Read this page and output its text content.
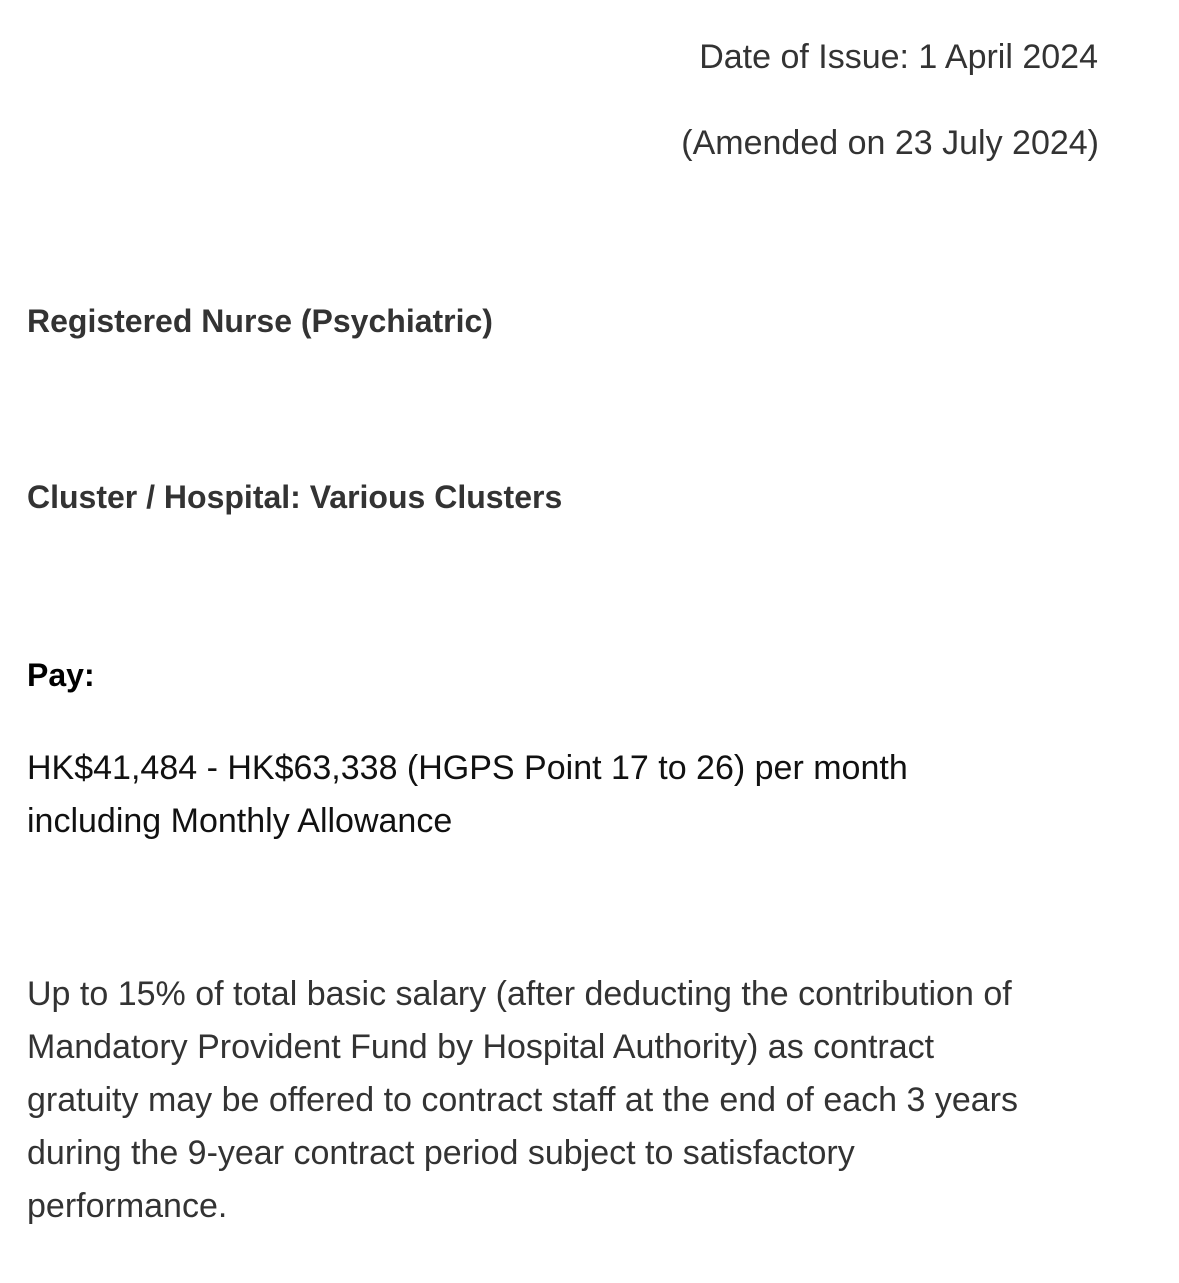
Date of Issue: 1 April 2024
(Amended on 23 July 2024)
Registered Nurse (Psychiatric)
Cluster / Hospital: Various Clusters
Pay:
HK$41,484 - HK$63,338 (HGPS Point 17 to 26) per month
including Monthly Allowance
Up to 15% of total basic salary (after deducting the contribution of
Mandatory Provident Fund by Hospital Authority) as contract
gratuity may be offered to contract staff at the end of each 3 years
during the 9-year contract period subject to satisfactory
performance.
